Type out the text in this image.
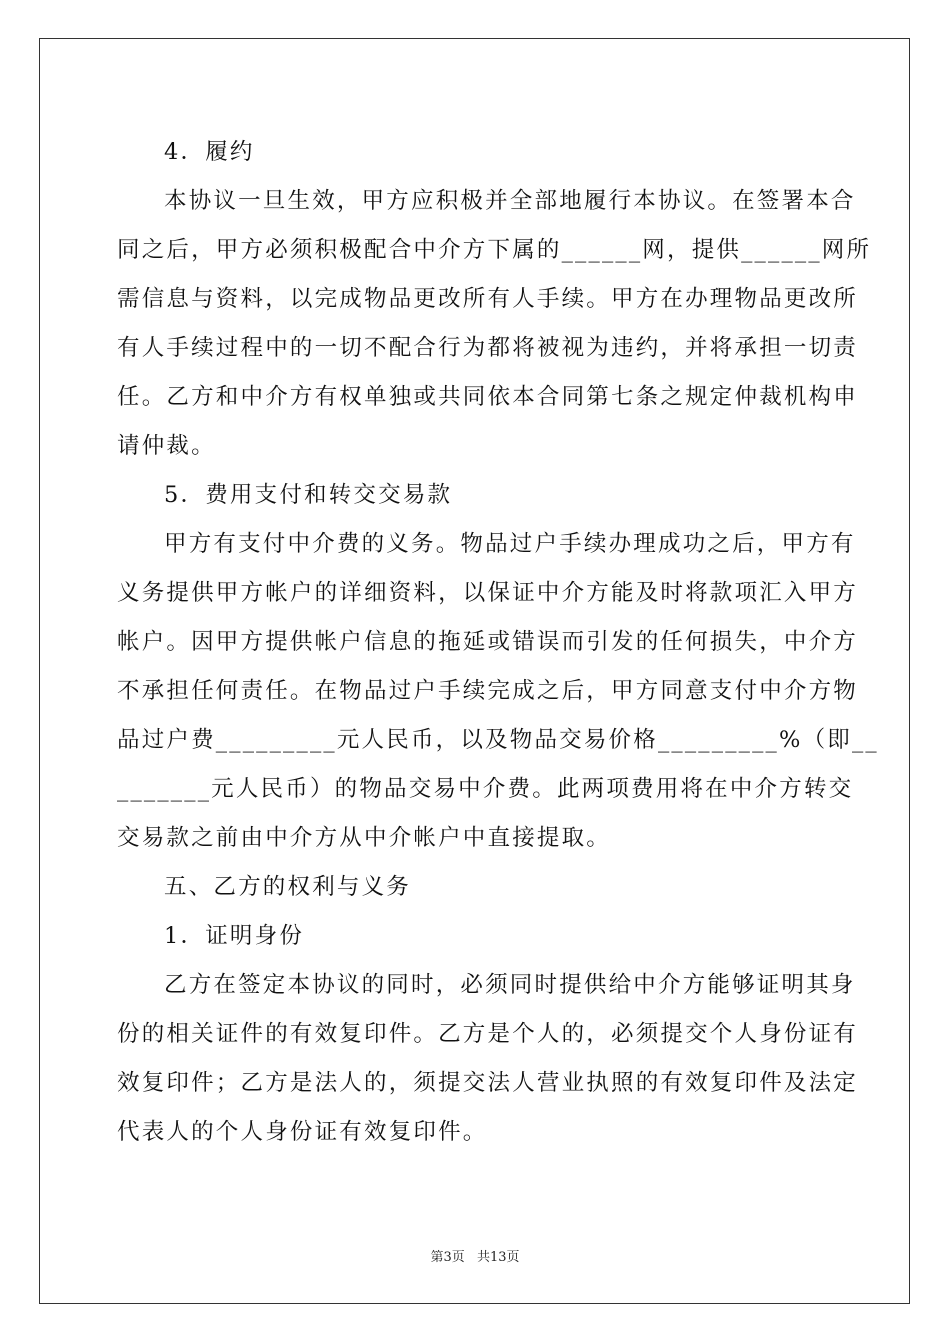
4．履约
本协议一旦生效，甲方应积极并全部地履行本协议。在签署本合
同之后，甲方必须积极配合中介方下属的______网，提供______网所
需信息与资料，以完成物品更改所有人手续。甲方在办理物品更改所
有人手续过程中的一切不配合行为都将被视为违约，并将承担一切责
任。乙方和中介方有权单独或共同依本合同第七条之规定仲裁机构申
请仲裁。
5．费用支付和转交交易款
甲方有支付中介费的义务。物品过户手续办理成功之后，甲方有
义务提供甲方帐户的详细资料，以保证中介方能及时将款项汇入甲方
帐户。因甲方提供帐户信息的拖延或错误而引发的任何损失，中介方
不承担任何责任。在物品过户手续完成之后，甲方同意支付中介方物
品过户费_________元人民币，以及物品交易价格_________%（即__
_______元人民币）的物品交易中介费。此两项费用将在中介方转交
交易款之前由中介方从中介帐户中直接提取。
五、乙方的权利与义务
1．证明身份
乙方在签定本协议的同时，必须同时提供给中介方能够证明其身
份的相关证件的有效复印件。乙方是个人的，必须提交个人身份证有
效复印件；乙方是法人的，须提交法人营业执照的有效复印件及法定
代表人的个人身份证有效复印件。
第3页 共13页
